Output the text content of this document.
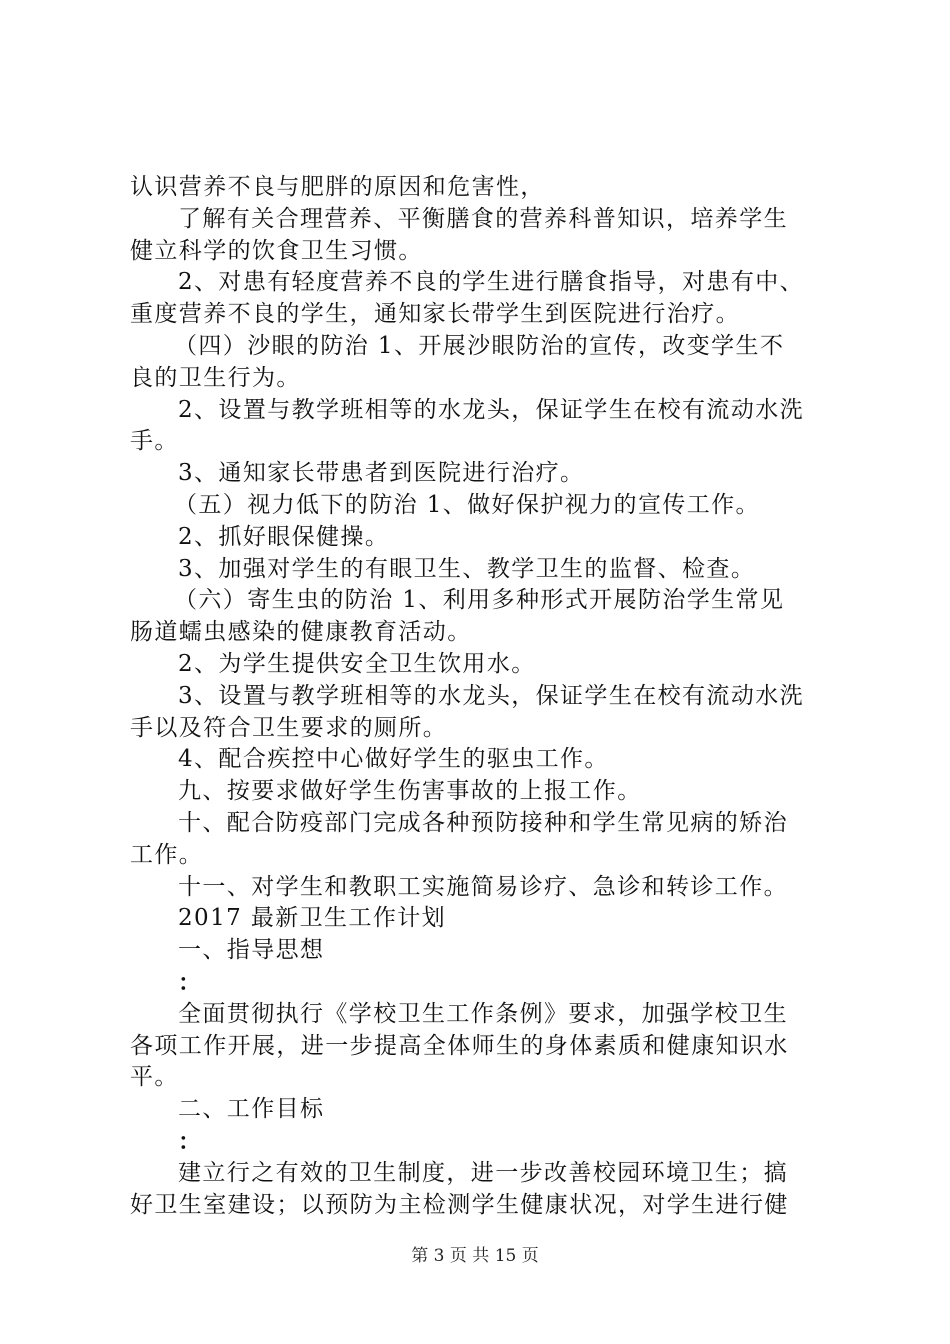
认识营养不良与肥胖的原因和危害性，
了解有关合理营养、平衡膳食的营养科普知识，培养学生
健立科学的饮食卫生习惯。
2、对患有轻度营养不良的学生进行膳食指导，对患有中、
重度营养不良的学生，通知家长带学生到医院进行治疗。
（四）沙眼的防治 1、开展沙眼防治的宣传，改变学生不
良的卫生行为。
2、设置与教学班相等的水龙头，保证学生在校有流动水洗
手。
3、通知家长带患者到医院进行治疗。
（五）视力低下的防治 1、做好保护视力的宣传工作。
2、抓好眼保健操。
3、加强对学生的有眼卫生、教学卫生的监督、检查。
（六）寄生虫的防治 1、利用多种形式开展防治学生常见
肠道蠕虫感染的健康教育活动。
2、为学生提供安全卫生饮用水。
3、设置与教学班相等的水龙头，保证学生在校有流动水洗
手以及符合卫生要求的厕所。
4、配合疾控中心做好学生的驱虫工作。
九、按要求做好学生伤害事故的上报工作。
十、配合防疫部门完成各种预防接种和学生常见病的矫治
工作。
十一、对学生和教职工实施简易诊疗、急诊和转诊工作。
2017 最新卫生工作计划
一、指导思想
：
全面贯彻执行《学校卫生工作条例》要求，加强学校卫生
各项工作开展，进一步提高全体师生的身体素质和健康知识水
平。
二、工作目标
：
建立行之有效的卫生制度，进一步改善校园环境卫生；搞
好卫生室建设；以预防为主检测学生健康状况，对学生进行健
第 3 页 共 15 页
